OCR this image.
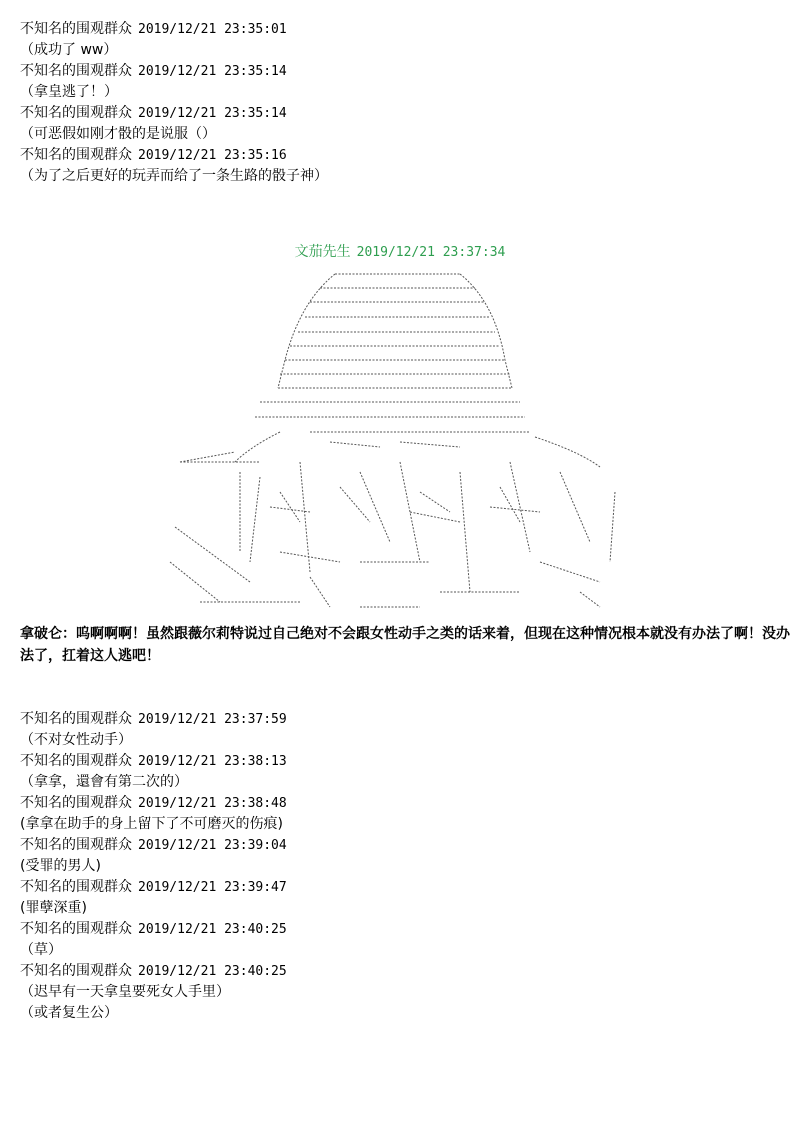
不知名的围观群众 2019/12/21 23:35:01
（成功了 ww）
不知名的围观群众 2019/12/21 23:35:14
（拿皇逃了！）
不知名的围观群众 2019/12/21 23:35:14
（可恶假如刚才骰的是说服（）
不知名的围观群众 2019/12/21 23:35:16
（为了之后更好的玩弄而给了一条生路的骰子神）
文茄先生 2019/12/21 23:37:34
拿破仑：呜啊啊啊！虽然跟薇尔莉特说过自己绝对不会跟女性动手之类的话来着，但现在这种情况根本就没有办法了啊！没办法了，扛着这人逃吧！
不知名的围观群众 2019/12/21 23:37:59
（不对女性动手）
不知名的围观群众 2019/12/21 23:38:13
（拿拿，還會有第二次的）
不知名的围观群众 2019/12/21 23:38:48
(拿拿在助手的身上留下了不可磨灭的伤痕)
不知名的围观群众 2019/12/21 23:39:04
(受罪的男人)
不知名的围观群众 2019/12/21 23:39:47
(罪孽深重)
不知名的围观群众 2019/12/21 23:40:25
（草）
不知名的围观群众 2019/12/21 23:40:25
（迟早有一天拿皇要死女人手里）
（或者复生公）
